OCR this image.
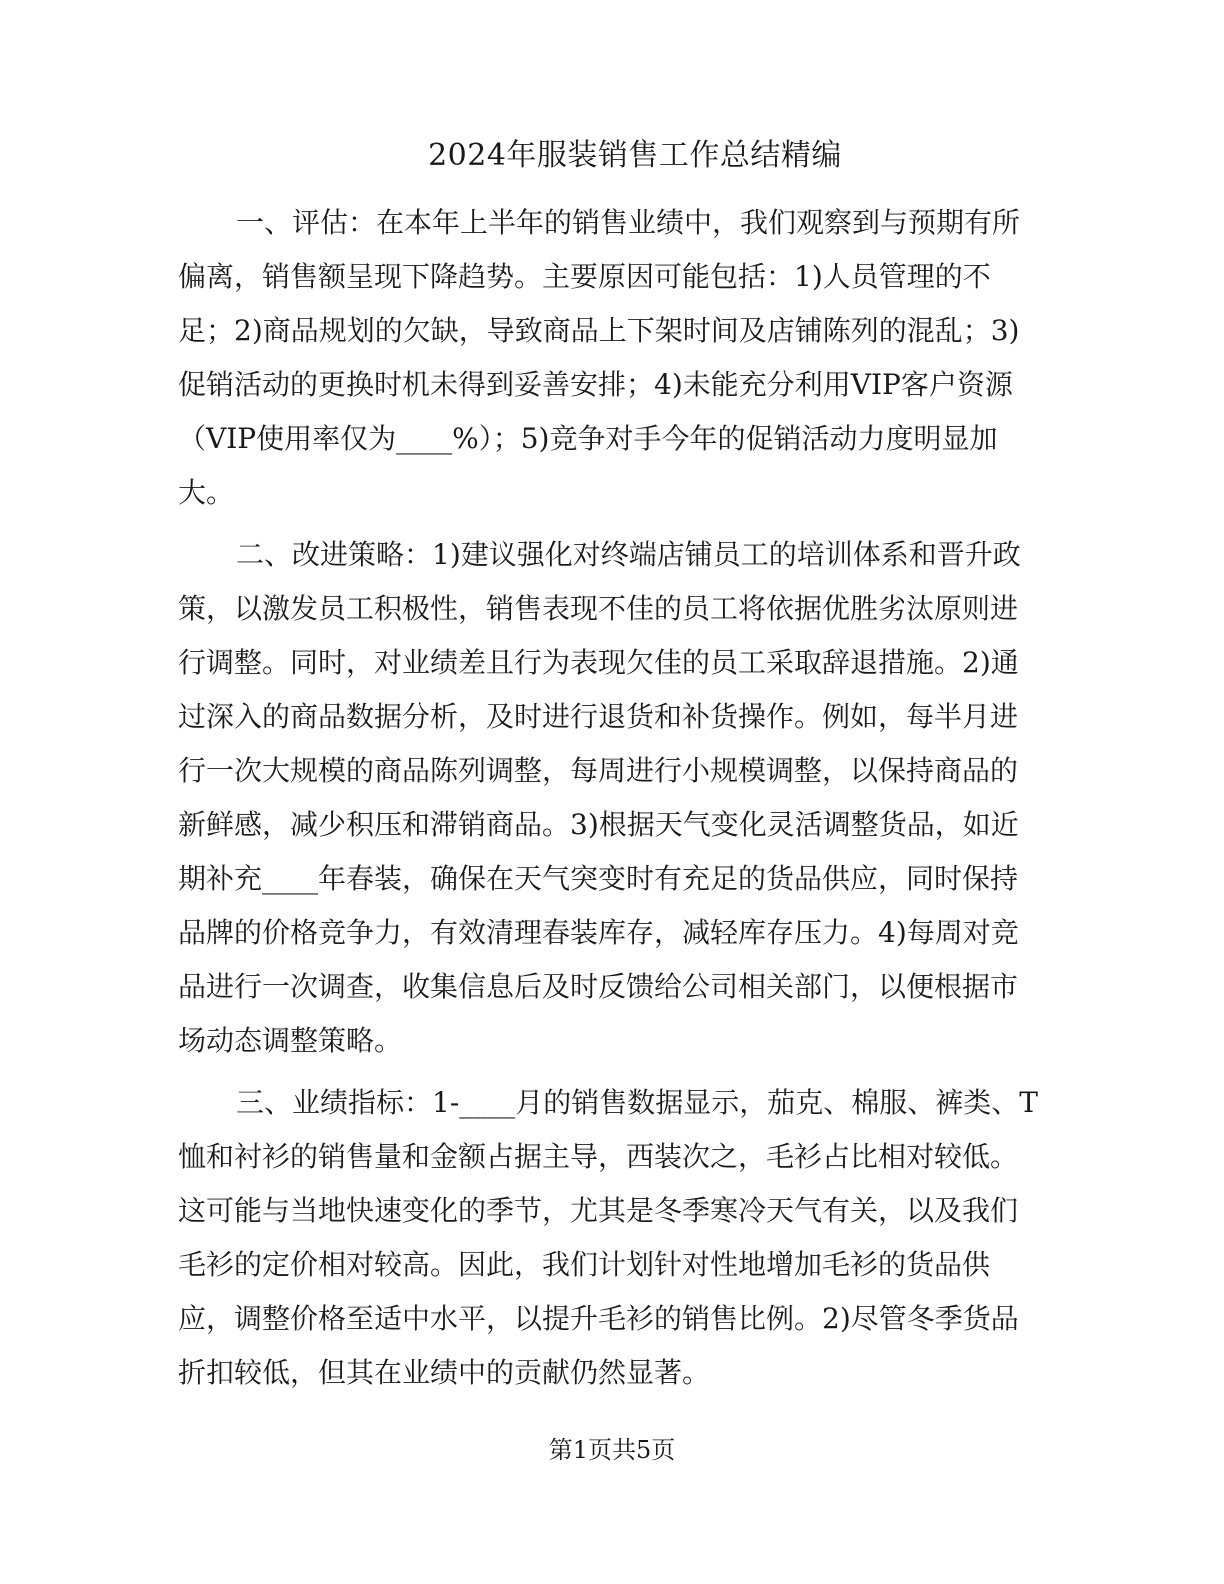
2024年服装销售工作总结精编
一、评估：在本年上半年的销售业绩中，我们观察到与预期有所
偏离，销售额呈现下降趋势。主要原因可能包括：1)人员管理的不
足；2)商品规划的欠缺，导致商品上下架时间及店铺陈列的混乱；3)
促销活动的更换时机未得到妥善安排；4)未能充分利用VIP客户资源
（VIP使用率仅为____%）；5)竞争对手今年的促销活动力度明显加
大。
二、改进策略：1)建议强化对终端店铺员工的培训体系和晋升政
策，以激发员工积极性，销售表现不佳的员工将依据优胜劣汰原则进
行调整。同时，对业绩差且行为表现欠佳的员工采取辞退措施。2)通
过深入的商品数据分析，及时进行退货和补货操作。例如，每半月进
行一次大规模的商品陈列调整，每周进行小规模调整，以保持商品的
新鲜感，减少积压和滞销商品。3)根据天气变化灵活调整货品，如近
期补充____年春装，确保在天气突变时有充足的货品供应，同时保持
品牌的价格竞争力，有效清理春装库存，减轻库存压力。4)每周对竞
品进行一次调查，收集信息后及时反馈给公司相关部门，以便根据市
场动态调整策略。
三、业绩指标：1-____月的销售数据显示，茄克、棉服、裤类、T
恤和衬衫的销售量和金额占据主导，西装次之，毛衫占比相对较低。
这可能与当地快速变化的季节，尤其是冬季寒冷天气有关，以及我们
毛衫的定价相对较高。因此，我们计划针对性地增加毛衫的货品供
应，调整价格至适中水平，以提升毛衫的销售比例。2)尽管冬季货品
折扣较低，但其在业绩中的贡献仍然显著。
第1页共5页
